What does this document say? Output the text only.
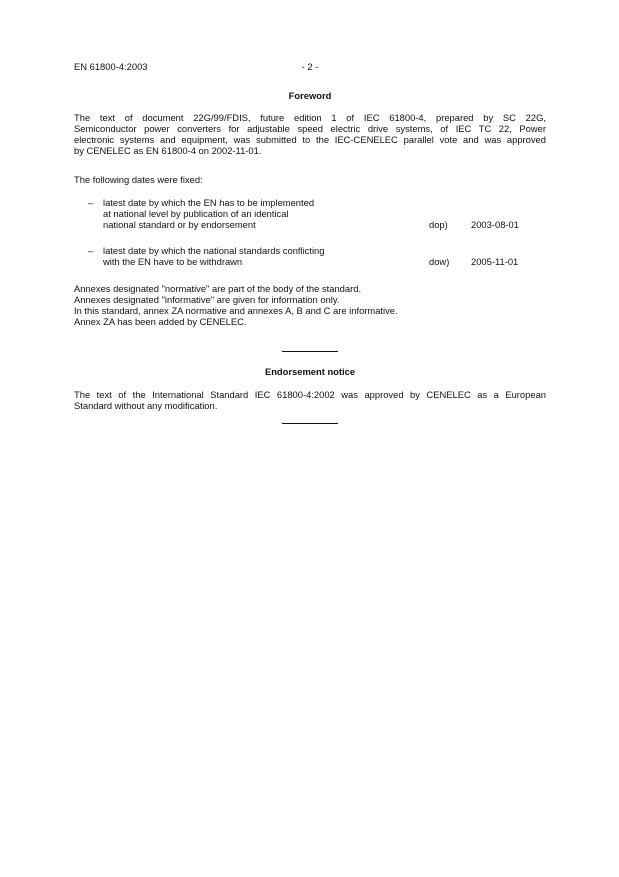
EN 61800-4:2003	- 2 -
Foreword
The text of document 22G/99/FDIS, future edition 1 of IEC 61800-4, prepared by SC 22G,
Semiconductor power converters for adjustable speed electric drive systems, of IEC TC 22, Power
electronic systems and equipment, was submitted to the IEC-CENELEC parallel vote and was approved
by CENELEC as EN 61800-4 on 2002-11-01.
The following dates were fixed:
– latest date by which the EN has to be implemented
at national level by publication of an identical
national standard or by endorsement	dop)	2003-08-01
– latest date by which the national standards conflicting
with the EN have to be withdrawn	dow)	2005-11-01
Annexes designated "normative" are part of the body of the standard.
Annexes designated "informative" are given for information only.
In this standard, annex ZA normative and annexes A, B and C are informative.
Annex ZA has been added by CENELEC.
Endorsement notice
The text of the International Standard IEC 61800-4:2002 was approved by CENELEC as a European
Standard without any modification.
